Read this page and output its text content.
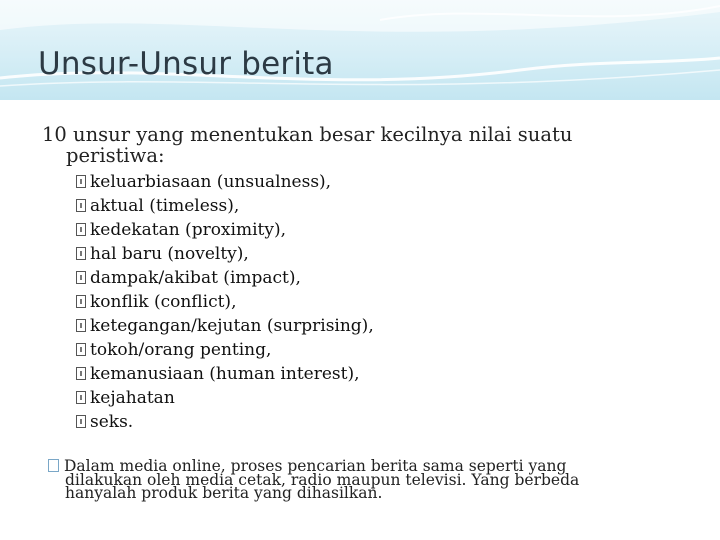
Unsur-Unsur berita
10 unsur yang menentukan besar kecilnya nilai suatu
peristiwa:
keluarbiasaan (unsualness),
aktual (timeless),
kedekatan (proximity),
hal baru (novelty),
dampak/akibat (impact),
konflik (conflict),
ketegangan/kejutan (surprising),
tokoh/orang penting,
kemanusiaan (human interest),
kejahatan
seks.
Dalam media online, proses pencarian berita sama seperti yang
dilakukan oleh media cetak, radio maupun televisi. Yang berbeda
hanyalah produk berita yang dihasilkan.
